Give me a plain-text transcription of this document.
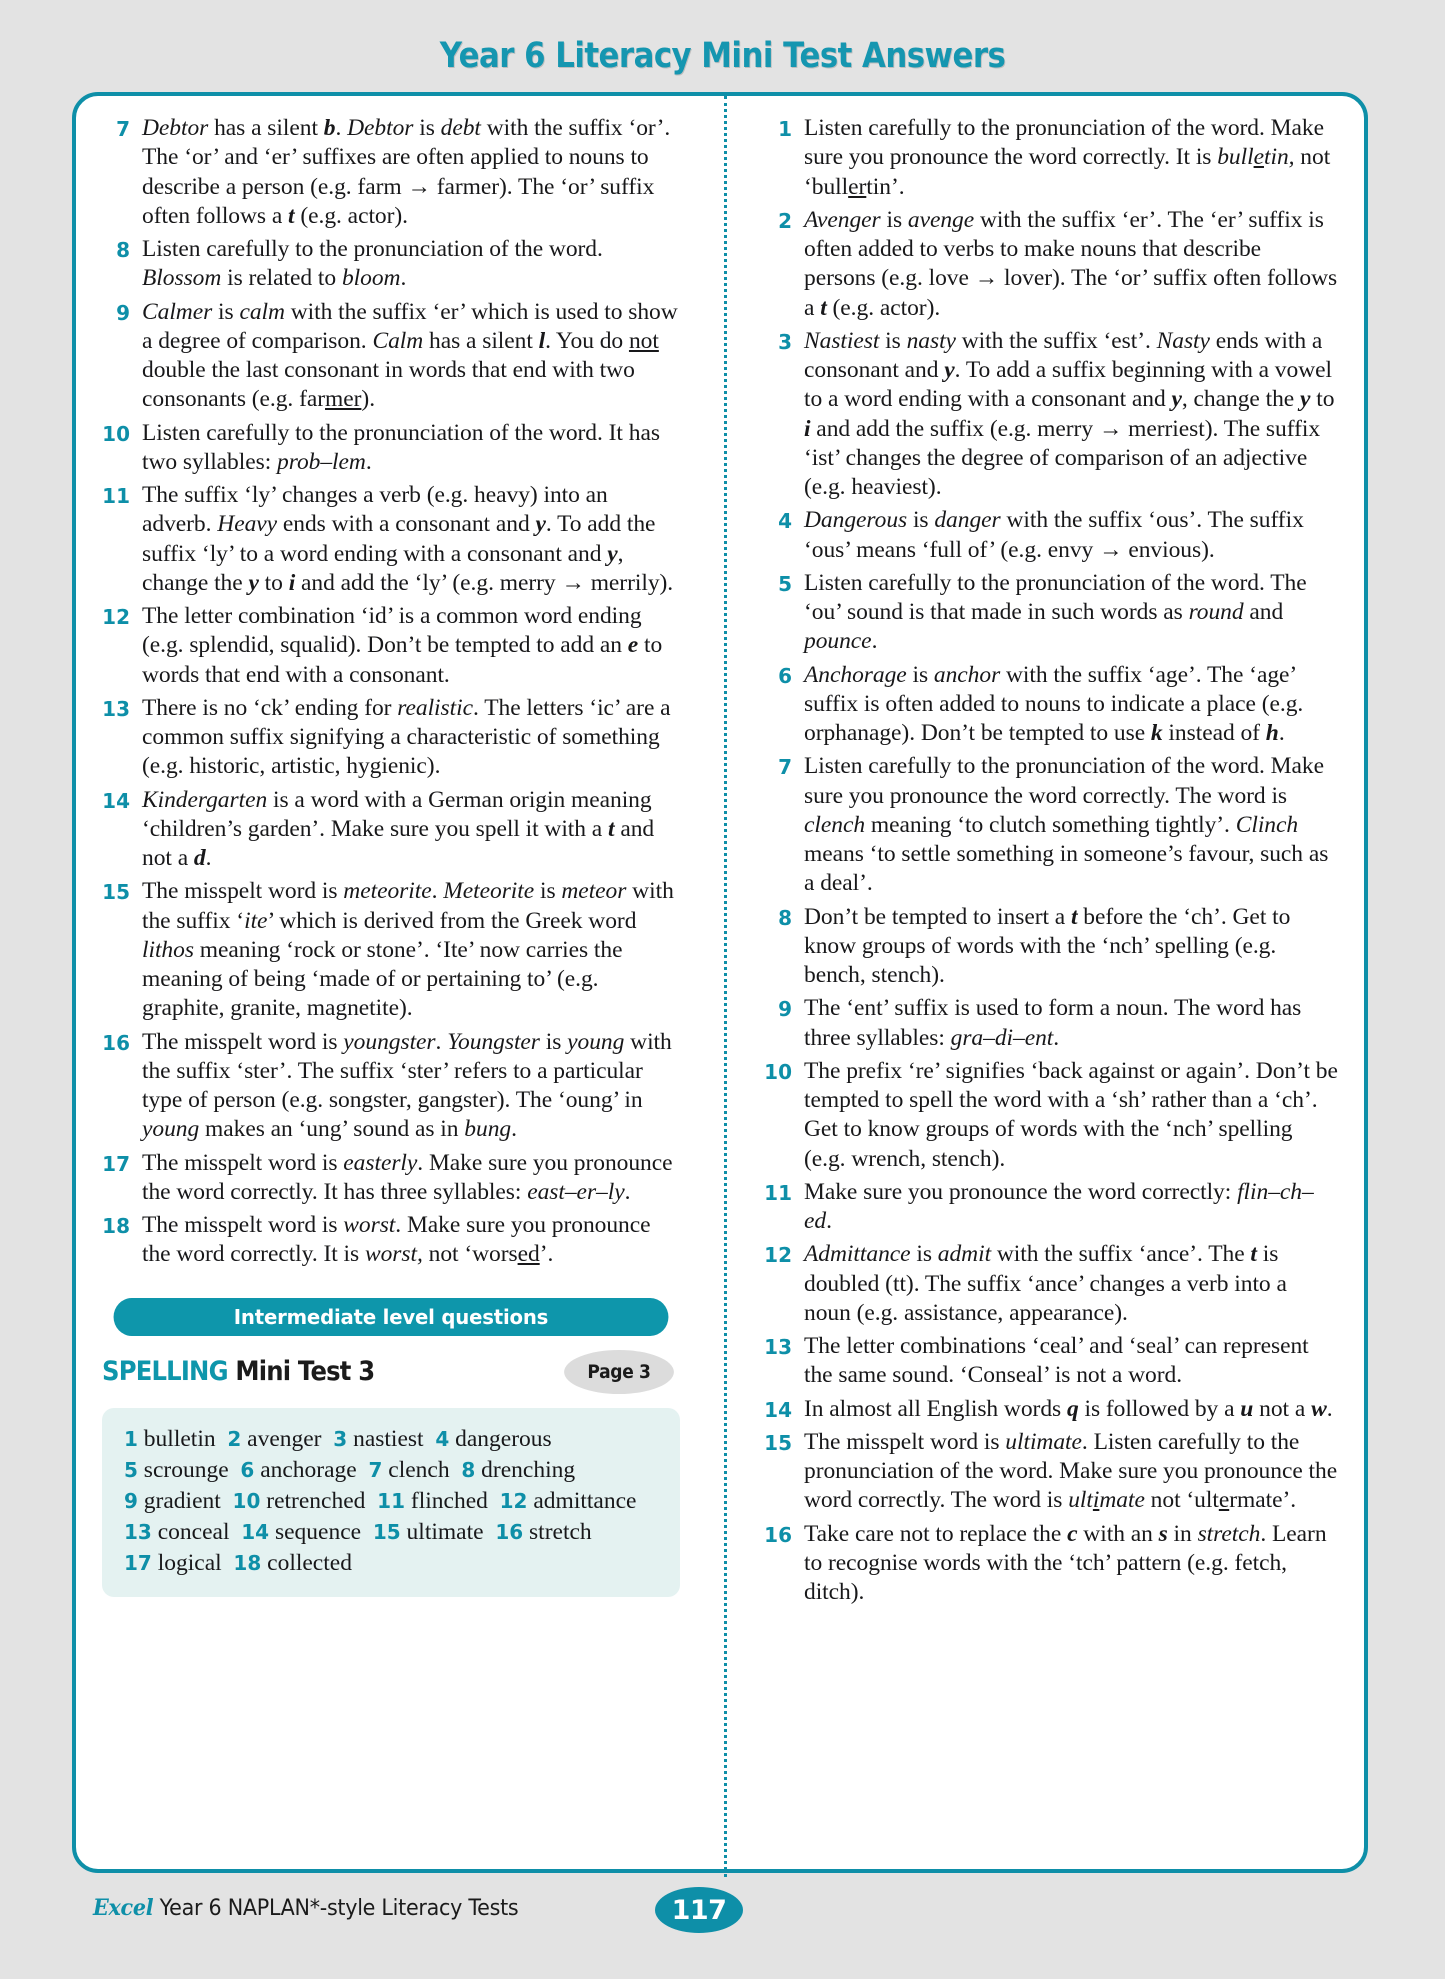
Year 6 Literacy Mini Test Answers
7 Debtor has a silent b. Debtor is debt with the suffix ‘or’. The ‘or’ and ‘er’ suffixes are often applied to nouns to describe a person (e.g. farm → farmer). The ‘or’ suffix often follows a t (e.g. actor).
8 Listen carefully to the pronunciation of the word. Blossom is related to bloom.
9 Calmer is calm with the suffix ‘er’ which is used to show a degree of comparison. Calm has a silent l. You do not double the last consonant in words that end with two consonants (e.g. farmer).
10 Listen carefully to the pronunciation of the word. It has two syllables: prob–lem.
11 The suffix ‘ly’ changes a verb (e.g. heavy) into an adverb. Heavy ends with a consonant and y. To add the suffix ‘ly’ to a word ending with a consonant and y, change the y to i and add the ‘ly’ (e.g. merry → merrily).
12 The letter combination ‘id’ is a common word ending (e.g. splendid, squalid). Don’t be tempted to add an e to words that end with a consonant.
13 There is no ‘ck’ ending for realistic. The letters ‘ic’ are a common suffix signifying a characteristic of something (e.g. historic, artistic, hygienic).
14 Kindergarten is a word with a German origin meaning ‘children’s garden’. Make sure you spell it with a t and not a d.
15 The misspelt word is meteorite. Meteorite is meteor with the suffix ‘ite’ which is derived from the Greek word lithos meaning ‘rock or stone’. ‘Ite’ now carries the meaning of being ‘made of or pertaining to’ (e.g. graphite, granite, magnetite).
16 The misspelt word is youngster. Youngster is young with the suffix ‘ster’. The suffix ‘ster’ refers to a particular type of person (e.g. songster, gangster). The ‘oung’ in young makes an ‘ung’ sound as in bung.
17 The misspelt word is easterly. Make sure you pronounce the word correctly. It has three syllables: east–er–ly.
18 The misspelt word is worst. Make sure you pronounce the word correctly. It is worst, not ‘worsed’.
Intermediate level questions
SPELLING Mini Test 3	Page 3
1 bulletin  2 avenger  3 nastiest  4 dangerous
5 scrounge  6 anchorage  7 clench  8 drenching
9 gradient  10 retrenched  11 flinched  12 admittance
13 conceal  14 sequence  15 ultimate  16 stretch
17 logical  18 collected
1 Listen carefully to the pronunciation of the word. Make sure you pronounce the word correctly. It is bulletin, not ‘bullertin’.
2 Avenger is avenge with the suffix ‘er’. The ‘er’ suffix is often added to verbs to make nouns that describe persons (e.g. love → lover). The ‘or’ suffix often follows a t (e.g. actor).
3 Nastiest is nasty with the suffix ‘est’. Nasty ends with a consonant and y. To add a suffix beginning with a vowel to a word ending with a consonant and y, change the y to i and add the suffix (e.g. merry → merriest). The suffix ‘ist’ changes the degree of comparison of an adjective (e.g. heaviest).
4 Dangerous is danger with the suffix ‘ous’. The suffix ‘ous’ means ‘full of’ (e.g. envy → envious).
5 Listen carefully to the pronunciation of the word. The ‘ou’ sound is that made in such words as round and pounce.
6 Anchorage is anchor with the suffix ‘age’. The ‘age’ suffix is often added to nouns to indicate a place (e.g. orphanage). Don’t be tempted to use k instead of h.
7 Listen carefully to the pronunciation of the word. Make sure you pronounce the word correctly. The word is clench meaning ‘to clutch something tightly’. Clinch means ‘to settle something in someone’s favour, such as a deal’.
8 Don’t be tempted to insert a t before the ‘ch’. Get to know groups of words with the ‘nch’ spelling (e.g. bench, stench).
9 The ‘ent’ suffix is used to form a noun. The word has three syllables: gra–di–ent.
10 The prefix ‘re’ signifies ‘back against or again’. Don’t be tempted to spell the word with a ‘sh’ rather than a ‘ch’. Get to know groups of words with the ‘nch’ spelling (e.g. wrench, stench).
11 Make sure you pronounce the word correctly: flin–ch–ed.
12 Admittance is admit with the suffix ‘ance’. The t is doubled (tt). The suffix ‘ance’ changes a verb into a noun (e.g. assistance, appearance).
13 The letter combinations ‘ceal’ and ‘seal’ can represent the same sound. ‘Conseal’ is not a word.
14 In almost all English words q is followed by a u not a w.
15 The misspelt word is ultimate. Listen carefully to the pronunciation of the word. Make sure you pronounce the word correctly. The word is ultimate not ‘ultermate’.
16 Take care not to replace the c with an s in stretch. Learn to recognise words with the ‘tch’ pattern (e.g. fetch, ditch).
Excel Year 6 NAPLAN*-style Literacy Tests	117
